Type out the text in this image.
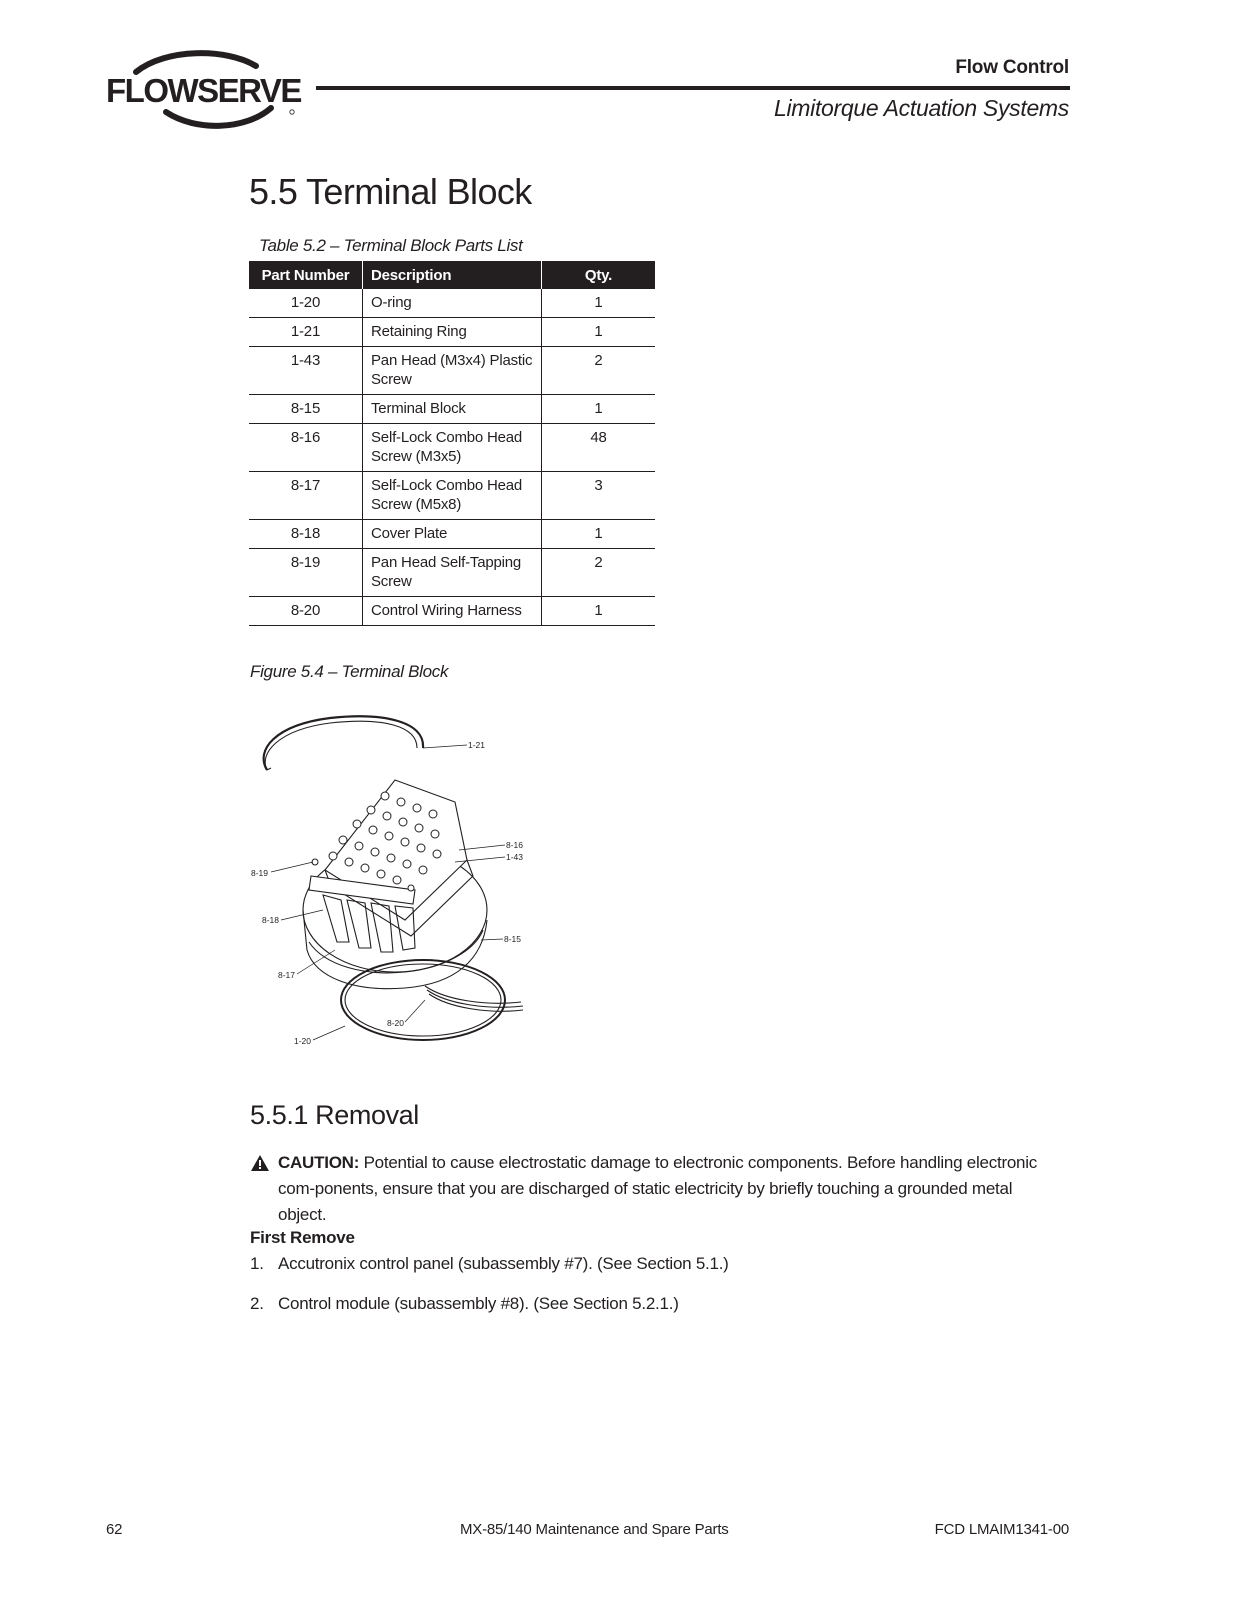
FLOWSERVE
Flow Control
Limitorque Actuation Systems
5.5 Terminal Block
Table 5.2 – Terminal Block Parts List
Part Number	Description	Qty.
1-20	O-ring	1
1-21	Retaining Ring	1
1-43	Pan Head (M3x4) Plastic Screw	2
8-15	Terminal Block	1
8-16	Self-Lock Combo Head Screw (M3x5)	48
8-17	Self-Lock Combo Head Screw (M5x8)	3
8-18	Cover Plate	1
8-19	Pan Head Self-Tapping Screw	2
8-20	Control Wiring Harness	1
Figure 5.4 – Terminal Block
1-21
8-16
1-43
8-19
8-18
8-15
8-17
8-20
1-20
5.5.1 Removal
CAUTION: Potential to cause electrostatic damage to electronic components. Before handling electronic com-ponents, ensure that you are discharged of static electricity by briefly touching a grounded metal object.
First Remove
1. Accutronix control panel (subassembly #7). (See Section 5.1.)
2. Control module (subassembly #8). (See Section 5.2.1.)
62	MX-85/140 Maintenance and Spare Parts	FCD LMAIM1341-00
